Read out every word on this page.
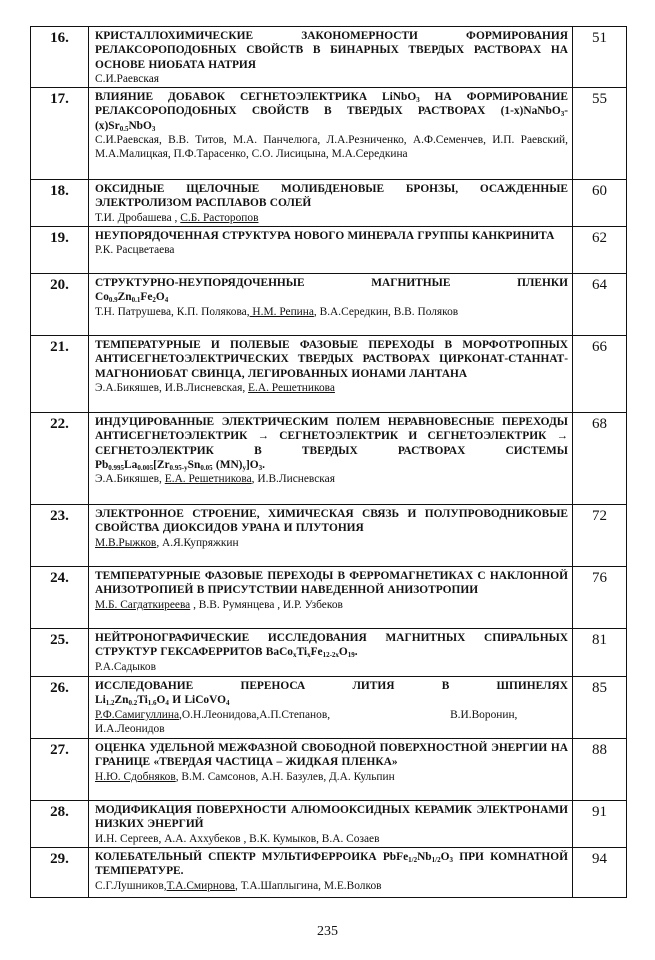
16.	КРИСТАЛЛОХИМИЧЕСКИЕ ЗАКОНОМЕРНОСТИ ФОРМИРОВАНИЯ РЕЛАКСОРОПОДОБНЫХ СВОЙСТВ В БИНАРНЫХ ТВЕРДЫХ РАСТВОРАХ НА ОСНОВЕ НИОБАТА НАТРИЯ
С.И.Раевская	51
17.	ВЛИЯНИЕ ДОБАВОК СЕГНЕТОЭЛЕКТРИКА LiNbO$_3$ НА ФОРМИРОВАНИЕ РЕЛАКСОРОПОДОБНЫХ СВОЙСТВ В ТВЕРДЫХ РАСТВОРАХ $(1-x)NaNbO_3-(x)Sr_{0.5}NbO_3$
С.И.Раевская, В.В. Титов, М.А. Панчелюга, Л.А.Резниченко, А.Ф.Семенчев, И.П. Раевский, М.А.Малицкая, П.Ф.Тарасенко, С.О. Лисицына, М.А.Середкина	55
18.	ОКСИДНЫЕ ЩЕЛОЧНЫЕ МОЛИБДЕНОВЫЕ БРОНЗЫ, ОСАЖДЕННЫЕ ЭЛЕКТРОЛИЗОМ РАСПЛАВОВ СОЛЕЙ
Т.И. Дробашева , С.Б. Расторопов	60
19.	НЕУПОРЯДОЧЕННАЯ СТРУКТУРА НОВОГО МИНЕРАЛА ГРУППЫ КАНКРИНИТА
Р.К. Расцветаева	62
20.	СТРУКТУРНО-НЕУПОРЯДОЧЕННЫЕ МАГНИТНЫЕ ПЛЕНКИ
$Co_{0.9}Zn_{0.1}Fe_2O_4$
Т.Н. Патрушева, К.П. Полякова, Н.М. Репина, В.А.Середкин, В.В. Поляков	64
21.	ТЕМПЕРАТУРНЫЕ И ПОЛЕВЫЕ ФАЗОВЫЕ ПЕРЕХОДЫ В МОРФОТРОПНЫХ АНТИСЕГНЕТОЭЛЕКТРИЧЕСКИХ ТВЕРДЫХ РАСТВОРАХ ЦИРКОНАТ-СТАННАТ-МАГНОНИОБАТ СВИНЦА, ЛЕГИРОВАННЫХ ИОНАМИ ЛАНТАНА
Э.А.Бикяшев, И.В.Лисневская, Е.А. Решетникова	66
22.	ИНДУЦИРОВАННЫЕ ЭЛЕКТРИЧЕСКИМ ПОЛЕМ НЕРАВНОВЕСНЫЕ ПЕРЕХОДЫ АНТИСЕГНЕТОЭЛЕКТРИК → СЕГНЕТОЭЛЕКТРИК И СЕГНЕТОЭЛЕКТРИК → СЕГНЕТОЭЛЕКТРИК В ТВЕРДЫХ РАСТВОРАХ СИСТЕМЫ
$Pb_{0.995}La_{0.005}[Zr_{0.95-y}Sn_{0.05}$ $(MN)_y]O_3$.
Э.А.Бикяшев, Е.А. Решетникова, И.В.Лисневская	68
23.	ЭЛЕКТРОННОЕ СТРОЕНИЕ, ХИМИЧЕСКАЯ СВЯЗЬ И ПОЛУПРОВОДНИКОВЫЕ СВОЙСТВА ДИОКСИДОВ УРАНА И ПЛУТОНИЯ
М.В.Рыжков, А.Я.Купряжкин	72
24.	ТЕМПЕРАТУРНЫЕ ФАЗОВЫЕ ПЕРЕХОДЫ В ФЕРРОМАГНЕТИКАХ С НАКЛОННОЙ АНИЗОТРОПИЕЙ В ПРИСУТСТВИИ НАВЕДЕННОЙ АНИЗОТРОПИИ
М.Б. Сагдаткиреева , В.В. Румянцева , И.Р. Узбеков	76
25.	НЕЙТРОНОГРАФИЧЕСКИЕ ИССЛЕДОВАНИЯ МАГНИТНЫХ СПИРАЛЬНЫХ СТРУКТУР ГЕКСАФЕРРИТОВ $BaCo_xTi_xFe_{12-2x}O_{19}$.
Р.А.Садыков	81
26.	ИССЛЕДОВАНИЕ ПЕРЕНОСА ЛИТИЯ В ШПИНЕЛЯХ
$Li_{1.2}Zn_{0.2}Ti_{1.6}O_4$ И LiCoVO$_4$
Р.Ф.Самигуллина,О.Н.Леонидова,А.П.Степанов, В.И.Воронин,
И.А.Леонидов	85
27.	ОЦЕНКА УДЕЛЬНОЙ МЕЖФАЗНОЙ СВОБОДНОЙ ПОВЕРХНОСТНОЙ ЭНЕРГИИ НА ГРАНИЦЕ «ТВЕРДАЯ ЧАСТИЦА – ЖИДКАЯ ПЛЕНКА»
Н.Ю. Сдобняков, В.М. Самсонов, А.Н. Базулев, Д.А. Кульпин	88
28.	МОДИФИКАЦИЯ ПОВЕРХНОСТИ АЛЮМООКСИДНЫХ КЕРАМИК ЭЛЕКТРОНАМИ НИЗКИХ ЭНЕРГИЙ
И.Н. Сергеев, А.А. Аххубеков , В.К. Кумыков, В.А. Созаев	91
29.	КОЛЕБАТЕЛЬНЫЙ СПЕКТР МУЛЬТИФЕРРОИКА $PbFe_{1/2}Nb_{1/2}O_3$ ПРИ КОМНАТНОЙ ТЕМПЕРАТУРЕ.
С.Г.Лушников,Т.А.Смирнова, Т.А.Шаплыгина, М.Е.Волков	94
235
